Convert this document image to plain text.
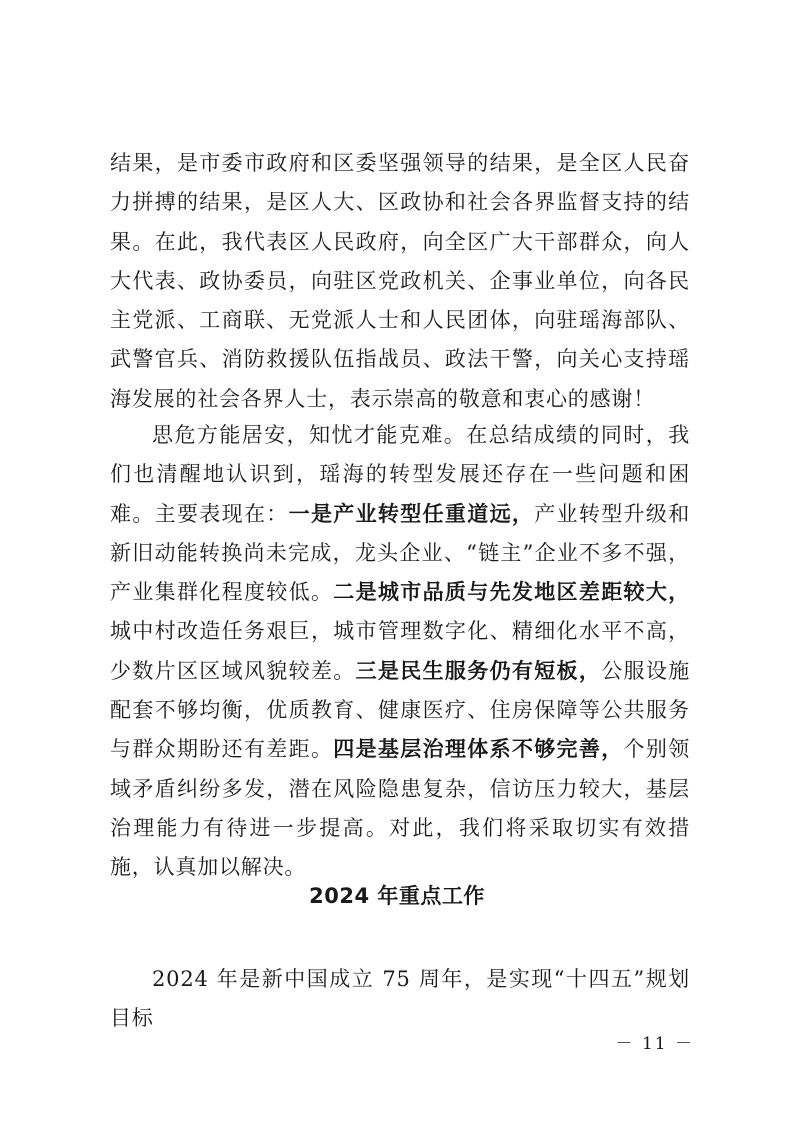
结果，是市委市政府和区委坚强领导的结果，是全区人民奋力拼搏的结果，是区人大、区政协和社会各界监督支持的结果。在此，我代表区人民政府，向全区广大干部群众，向人大代表、政协委员，向驻区党政机关、企事业单位，向各民主党派、工商联、无党派人士和人民团体，向驻瑶海部队、武警官兵、消防救援队伍指战员、政法干警，向关心支持瑶海发展的社会各界人士，表示崇高的敬意和衷心的感谢！

思危方能居安，知忧才能克难。在总结成绩的同时，我们也清醒地认识到，瑶海的转型发展还存在一些问题和困难。主要表现在：一是产业转型任重道远，产业转型升级和新旧动能转换尚未完成，龙头企业、“链主”企业不多不强，产业集群化程度较低。二是城市品质与先发地区差距较大，城中村改造任务艰巨，城市管理数字化、精细化水平不高，少数片区区域风貌较差。三是民生服务仍有短板，公服设施配套不够均衡，优质教育、健康医疗、住房保障等公共服务与群众期盼还有差距。四是基层治理体系不够完善，个别领域矛盾纠纷多发，潜在风险隐患复杂，信访压力较大，基层治理能力有待进一步提高。对此，我们将采取切实有效措施，认真加以解决。

2024 年重点工作

2024 年是新中国成立 75 周年，是实现“十四五”规划目标

－ 11 －
